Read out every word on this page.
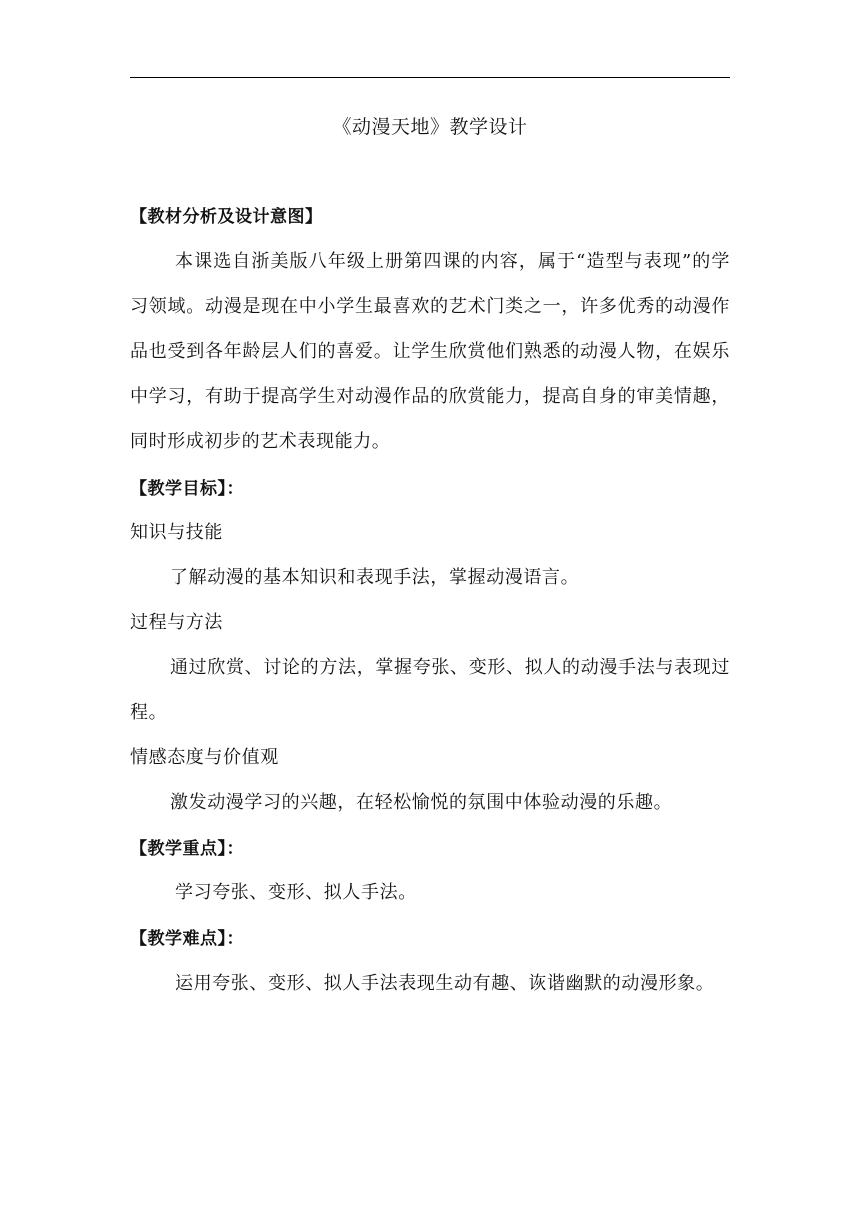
《动漫天地》教学设计
【教材分析及设计意图】
本课选自浙美版八年级上册第四课的内容，属于“造型与表现”的学习领域。动漫是现在中小学生最喜欢的艺术门类之一，许多优秀的动漫作品也受到各年龄层人们的喜爱。让学生欣赏他们熟悉的动漫人物，在娱乐中学习，有助于提高学生对动漫作品的欣赏能力，提高自身的审美情趣，同时形成初步的艺术表现能力。
【教学目标】：
知识与技能
了解动漫的基本知识和表现手法，掌握动漫语言。
过程与方法
通过欣赏、讨论的方法，掌握夸张、变形、拟人的动漫手法与表现过程。
情感态度与价值观
激发动漫学习的兴趣，在轻松愉悦的氛围中体验动漫的乐趣。
【教学重点】：
学习夸张、变形、拟人手法。
【教学难点】：
运用夸张、变形、拟人手法表现生动有趣、诙谐幽默的动漫形象。
